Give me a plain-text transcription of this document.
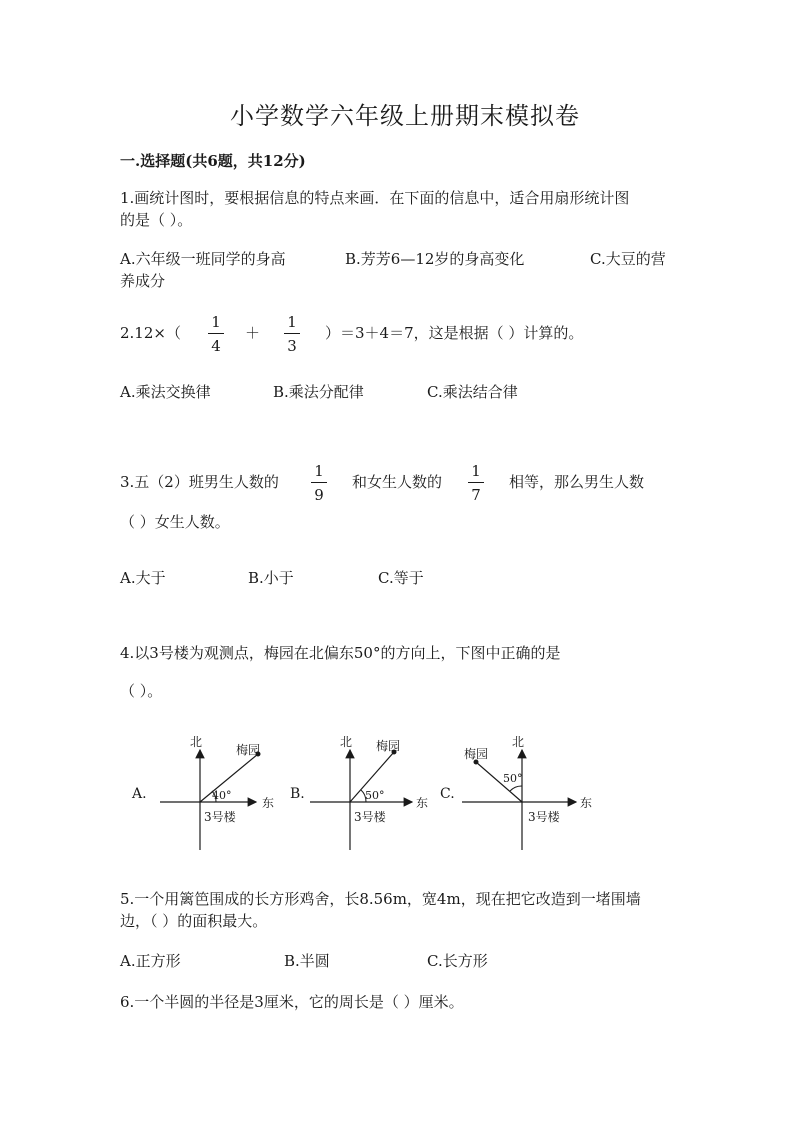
小学数学六年级上册期末模拟卷
一.选择题(共6题，共12分)
1.画统计图时，要根据信息的特点来画．在下面的信息中，适合用扇形统计图
的是（ ）。
A.六年级一班同学的身高	B.芳芳6—12岁的身高变化	C.大豆的营
养成分
2.12×（
1
4
＋
1
3
）＝3＋4＝7，这是根据（ ）计算的。
A.乘法交换律	B.乘法分配律	C.乘法结合律
3.五（2）班男生人数的
1
9
和女生人数的
1
7
相等，那么男生人数
（ ）女生人数。
A.大于	B.小于	C.等于
4.以3号楼为观测点，梅园在北偏东50°的方向上，下图中正确的是
（ ）。
A.
北
东
梅园
40°
3号楼
B.
北
东
梅园
50°
3号楼
C.
北
东
梅园
50°
3号楼
5.一个用篱笆围成的长方形鸡舍，长8.56m，宽4m，现在把它改造到一堵围墙
边，（ ）的面积最大。
A.正方形	B.半圆	C.长方形
6.一个半圆的半径是3厘米，它的周长是（ ）厘米。
